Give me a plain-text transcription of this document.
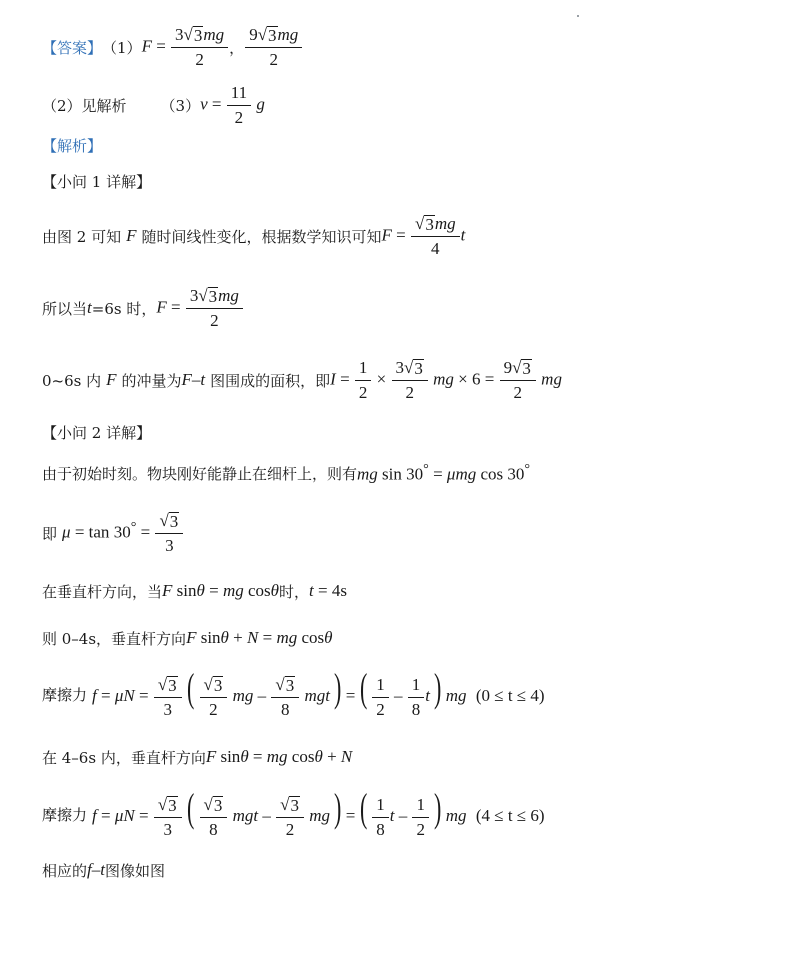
【答案】 （1） $F = \frac{3 √ 3 mg}{2}$ ， $\frac{9 √ 3 mg}{2}$
（2）见解析 （3） $v = \frac{11}{2}$ g
【解析】
【小问 1 详解】
由图 2 可知 F 随时间线性变化，根据数学知识可知 $F = \frac{√ 3 mg}{4}$ t
所以当 t =6s 时， $F = \frac{3 √ 3 mg}{2}$
0~6s 内 F 的冲量为 F–t 图围成的面积，即 $I = \frac{1}{2} \times \frac{3 √ 3}{2}$ mg × $6 = \frac{9 √ 3}{2}$ mg
【小问 2 详解】
由于初始时刻。物块刚好能静止在细杆上，则有 mg sin 30° = μmg cos 30°
即 $\mu = \tan 30^\circ = \frac{√ 3}{3}$
在垂直杆方向，当 F sinθ = mg cosθ 时， t = 4s
则 0–4s，垂直杆方向 F sinθ + N = mg cosθ
摩擦力 $f = \mu N = \frac{√ 3}{3}$ ( $\frac{√ 3}{2}$ mg – $\frac{√ 3}{8}$ mgt ) = ( $\frac{1}{2} - \frac{1}{8}$ t ) mg (0 ≤ t ≤ 4)
在 4–6s 内，垂直杆方向 F sinθ = mg cosθ + N
摩擦力 $f = \mu N = \frac{√ 3}{3}$ ( $\frac{√ 3}{8}$ mgt – $\frac{√ 3}{2}$ mg ) = ( $\frac{1}{8}$ t – $\frac{1}{2}$ ) mg (4 ≤ t ≤ 6)
相应的 f–t 图像如图
